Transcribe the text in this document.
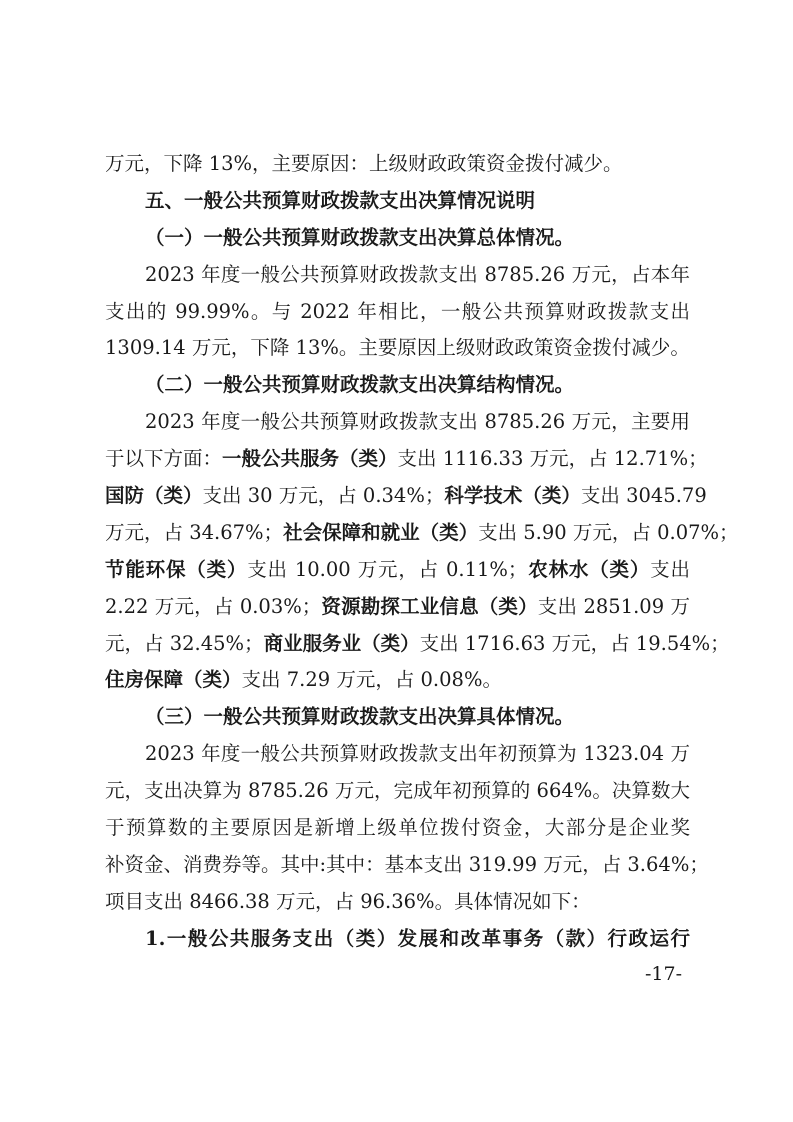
万元，下降 13%，主要原因：上级财政政策资金拨付减少。
五、一般公共预算财政拨款支出决算情况说明
（一）一般公共预算财政拨款支出决算总体情况。
2023 年度一般公共预算财政拨款支出 8785.26 万元，占本年
支出的 99.99%。与 2022 年相比，一般公共预算财政拨款支出
1309.14 万元，下降 13%。主要原因上级财政政策资金拨付减少。
（二）一般公共预算财政拨款支出决算结构情况。
2023 年度一般公共预算财政拨款支出 8785.26 万元，主要用
于以下方面：一般公共服务（类）支出 1116.33 万元，占 12.71%；
国防（类）支出 30 万元，占 0.34%；科学技术（类）支出 3045.79
万元，占 34.67%；社会保障和就业（类）支出 5.90 万元，占 0.07%；
节能环保（类）支出 10.00 万元，占 0.11%；农林水（类）支出
2.22 万元，占 0.03%；资源勘探工业信息（类）支出 2851.09 万
元，占 32.45%；商业服务业（类）支出 1716.63 万元，占 19.54%；
住房保障（类）支出 7.29 万元，占 0.08%。
（三）一般公共预算财政拨款支出决算具体情况。
2023 年度一般公共预算财政拨款支出年初预算为 1323.04 万
元，支出决算为 8785.26 万元，完成年初预算的 664%。决算数大
于预算数的主要原因是新增上级单位拨付资金，大部分是企业奖
补资金、消费券等。其中:其中：基本支出 319.99 万元，占 3.64%；
项目支出 8466.38 万元，占 96.36%。具体情况如下：
1.一般公共服务支出（类）发展和改革事务（款）行政运行
-17-
